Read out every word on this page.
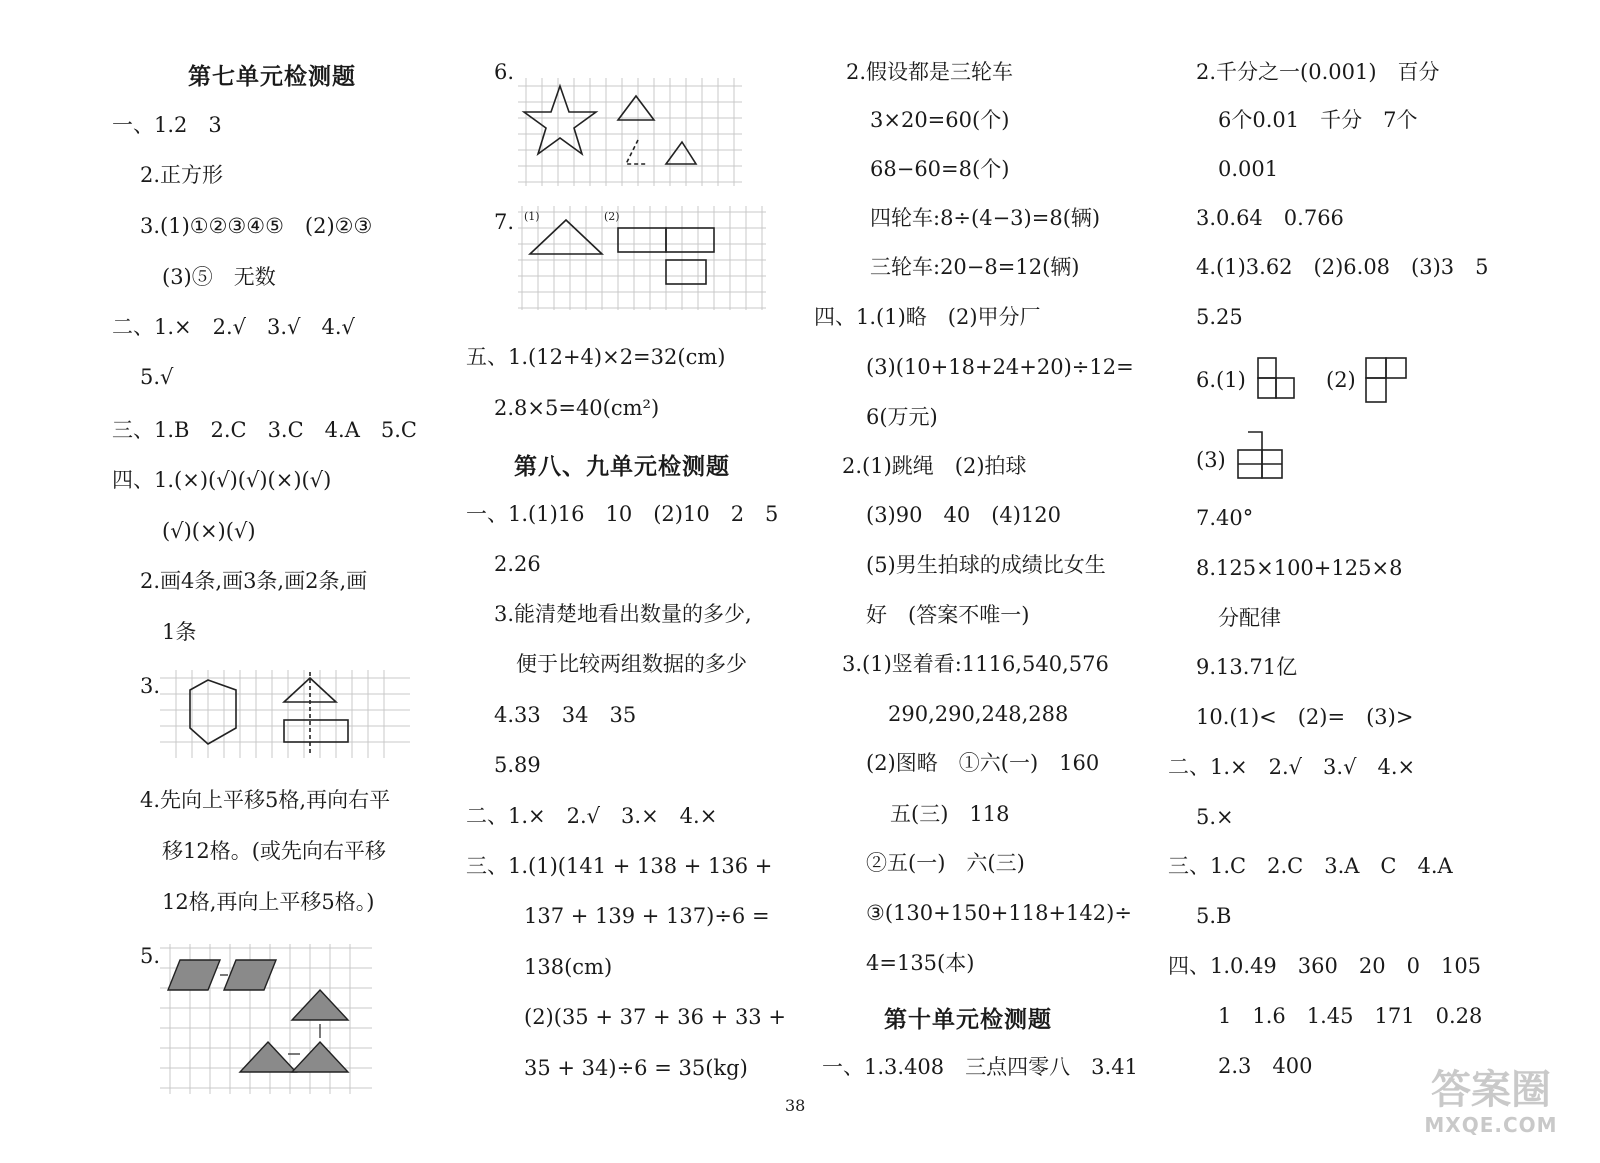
第七单元检测题
一、1.2　3
2.正方形
3.(1)①②③④⑤　(2)②③
(3)⑤　无数
二、1.×　2.√　3.√　4.√
5.√
三、1.B　2.C　3.C　4.A　5.C
四、1.(×)(√)(√)(×)(√)
(√)(×)(√)
2.画4条,画3条,画2条,画
1条
3.
4.先向上平移5格,再向右平
移12格。(或先向右平移
12格,再向上平移5格。)
5.
6.
7. (1)	(2)
五、1.(12+4)×2=32(cm)
2.8×5=40(cm²)
第八、九单元检测题
一、1.(1)16　10　(2)10　2　5
2.26
3.能清楚地看出数量的多少,
便于比较两组数据的多少
4.33　34　35
5.89
二、1.×　2.√　3.×　4.×
三、1.(1)(141 + 138 + 136 +
137 + 139 + 137)÷6 =
138(cm)
(2)(35 + 37 + 36 + 33 +
35 + 34)÷6 = 35(kg)
2.假设都是三轮车
3×20=60(个)
68−60=8(个)
四轮车:8÷(4−3)=8(辆)
三轮车:20−8=12(辆)
四、1.(1)略　(2)甲分厂
(3)(10+18+24+20)÷12=
6(万元)
2.(1)跳绳　(2)拍球
(3)90　40　(4)120
(5)男生拍球的成绩比女生
好　(答案不唯一)
3.(1)竖着看:1116,540,576
290,290,248,288
(2)图略　①六(一)　160
五(三)　118
②五(一)　六(三)
③(130+150+118+142)÷
4=135(本)
第十单元检测题
一、1.3.408　三点四零八　3.41
2.千分之一(0.001)　百分
6个0.01　千分　7个
0.001
3.0.64　0.766
4.(1)3.62　(2)6.08　(3)3　5
5.25
6.(1)	(2)
(3)
7.40°
8.125×100+125×8
分配律
9.13.71亿
10.(1)<　(2)=　(3)>
二、1.×　2.√　3.√　4.×
5.×
三、1.C　2.C　3.A　C　4.A
5.B
四、1.0.49　360　20　0　105
1　1.6　1.45　171　0.28
2.3　400
38	答案圈
MXQE.COM
